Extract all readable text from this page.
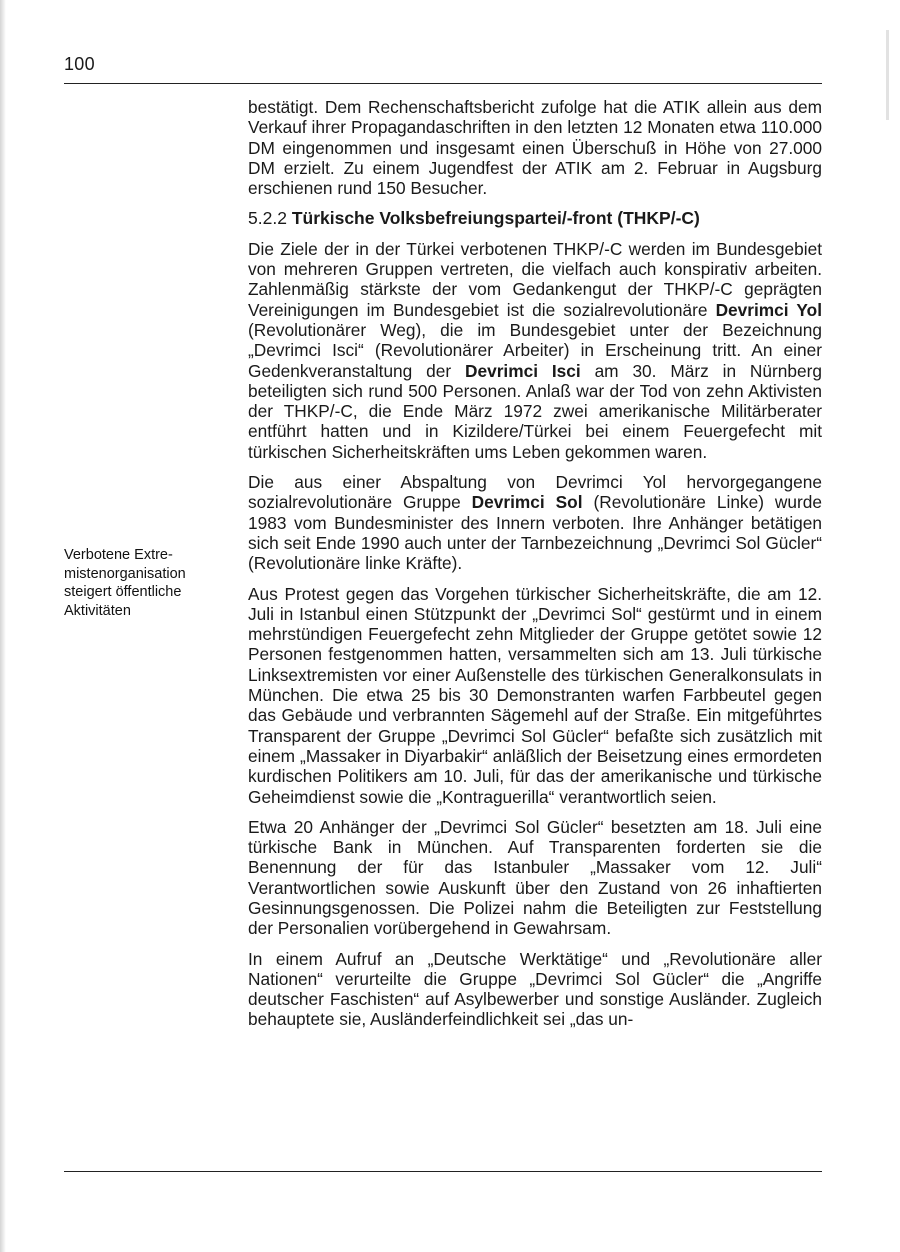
100
Verbotene Extre-mistenorganisation steigert öffentliche Aktivitäten

bestätigt. Dem Rechenschaftsbericht zufolge hat die ATIK allein aus dem Verkauf ihrer Propagandaschriften in den letzten 12 Monaten etwa 110.000 DM eingenommen und insgesamt einen Überschuß in Höhe von 27.000 DM erzielt. Zu einem Jugendfest der ATIK am 2. Februar in Augsburg erschienen rund 150 Besucher.

5.2.2 Türkische Volksbefreiungspartei/-front (THKP/-C)

Die Ziele der in der Türkei verbotenen THKP/-C werden im Bundesgebiet von mehreren Gruppen vertreten, die vielfach auch konspirativ arbeiten. Zahlenmäßig stärkste der vom Gedankengut der THKP/-C geprägten Vereinigungen im Bundesgebiet ist die sozialrevolutionäre Devrimci Yol (Revolutionärer Weg), die im Bundesgebiet unter der Bezeichnung „Devrimci Isci“ (Revolutionärer Arbeiter) in Erscheinung tritt. An einer Gedenkveranstaltung der Devrimci Isci am 30. März in Nürnberg beteiligten sich rund 500 Personen. Anlaß war der Tod von zehn Aktivisten der THKP/-C, die Ende März 1972 zwei amerikanische Militärberater entführt hatten und in Kizildere/Türkei bei einem Feuergefecht mit türkischen Sicherheitskräften ums Leben gekommen waren.

Die aus einer Abspaltung von Devrimci Yol hervorgegangene sozialrevolutionäre Gruppe Devrimci Sol (Revolutionäre Linke) wurde 1983 vom Bundesminister des Innern verboten. Ihre Anhänger betätigen sich seit Ende 1990 auch unter der Tarnbezeichnung „Devrimci Sol Gücler“ (Revolutionäre linke Kräfte).

Aus Protest gegen das Vorgehen türkischer Sicherheitskräfte, die am 12. Juli in Istanbul einen Stützpunkt der „Devrimci Sol“ gestürmt und in einem mehrstündigen Feuergefecht zehn Mitglieder der Gruppe getötet sowie 12 Personen festgenommen hatten, versammelten sich am 13. Juli türkische Linksextremisten vor einer Außenstelle des türkischen Generalkonsulats in München. Die etwa 25 bis 30 Demonstranten warfen Farbbeutel gegen das Gebäude und verbrannten Sägemehl auf der Straße. Ein mitgeführtes Transparent der Gruppe „Devrimci Sol Gücler“ befaßte sich zusätzlich mit einem „Massaker in Diyarbakir“ anläßlich der Beisetzung eines ermordeten kurdischen Politikers am 10. Juli, für das der amerikanische und türkische Geheimdienst sowie die „Kontraguerilla“ verantwortlich seien.

Etwa 20 Anhänger der „Devrimci Sol Gücler“ besetzten am 18. Juli eine türkische Bank in München. Auf Transparenten forderten sie die Benennung der für das Istanbuler „Massaker vom 12. Juli“ Verantwortlichen sowie Auskunft über den Zustand von 26 inhaftierten Gesinnungsgenossen. Die Polizei nahm die Beteiligten zur Feststellung der Personalien vorübergehend in Gewahrsam.

In einem Aufruf an „Deutsche Werktätige“ und „Revolutionäre aller Nationen“ verurteilte die Gruppe „Devrimci Sol Gücler“ die „Angriffe deutscher Faschisten“ auf Asylbewerber und sonstige Ausländer. Zugleich behauptete sie, Ausländerfeindlichkeit sei „das un-
